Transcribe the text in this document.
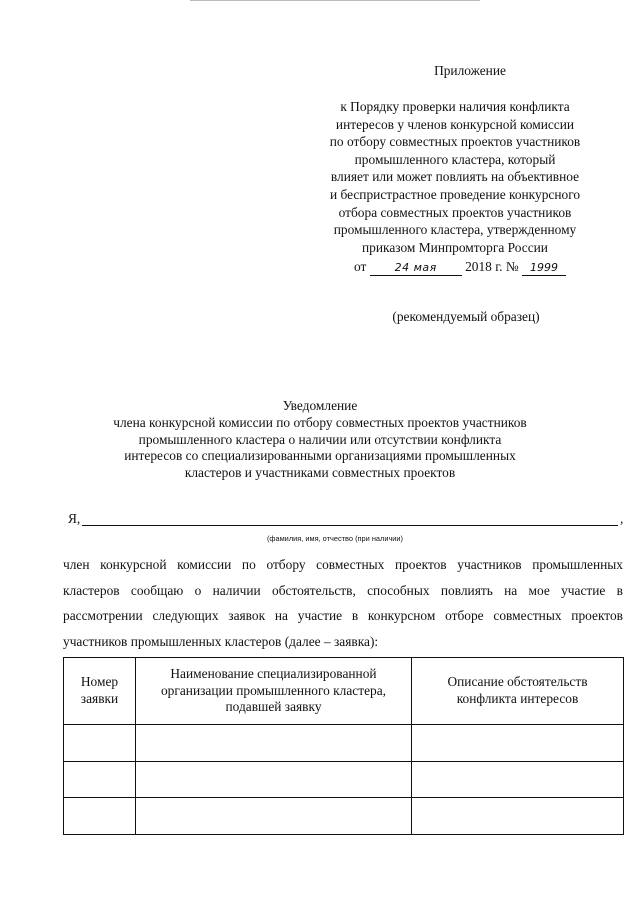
Приложение
к Порядку проверки наличия конфликта
интересов у членов конкурсной комиссии
по отбору совместных проектов участников
промышленного кластера, который
влияет или может повлиять на объективное
и беспристрастное проведение конкурсного
отбора совместных проектов участников
промышленного кластера, утвержденному
приказом Минпромторга России
от	24 мая 2018 г. № 1999
(рекомендуемый образец)
Уведомление
члена конкурсной комиссии по отбору совместных проектов участников
промышленного кластера о наличии или отсутствии конфликта
интересов со специализированными организациями промышленных
кластеров и участниками совместных проектов
Я,	,
(фамилия, имя, отчество (при наличии)
член конкурсной комиссии по отбору совместных проектов участников промышленных кластеров сообщаю о наличии обстоятельств, способных повлиять на мое участие в рассмотрении следующих заявок на участие в конкурсном отборе совместных проектов участников промышленных кластеров (далее – заявка):
Номер заявки	Наименование специализированной организации промышленного кластера, подавшей заявку	Описание обстоятельств конфликта интересов
